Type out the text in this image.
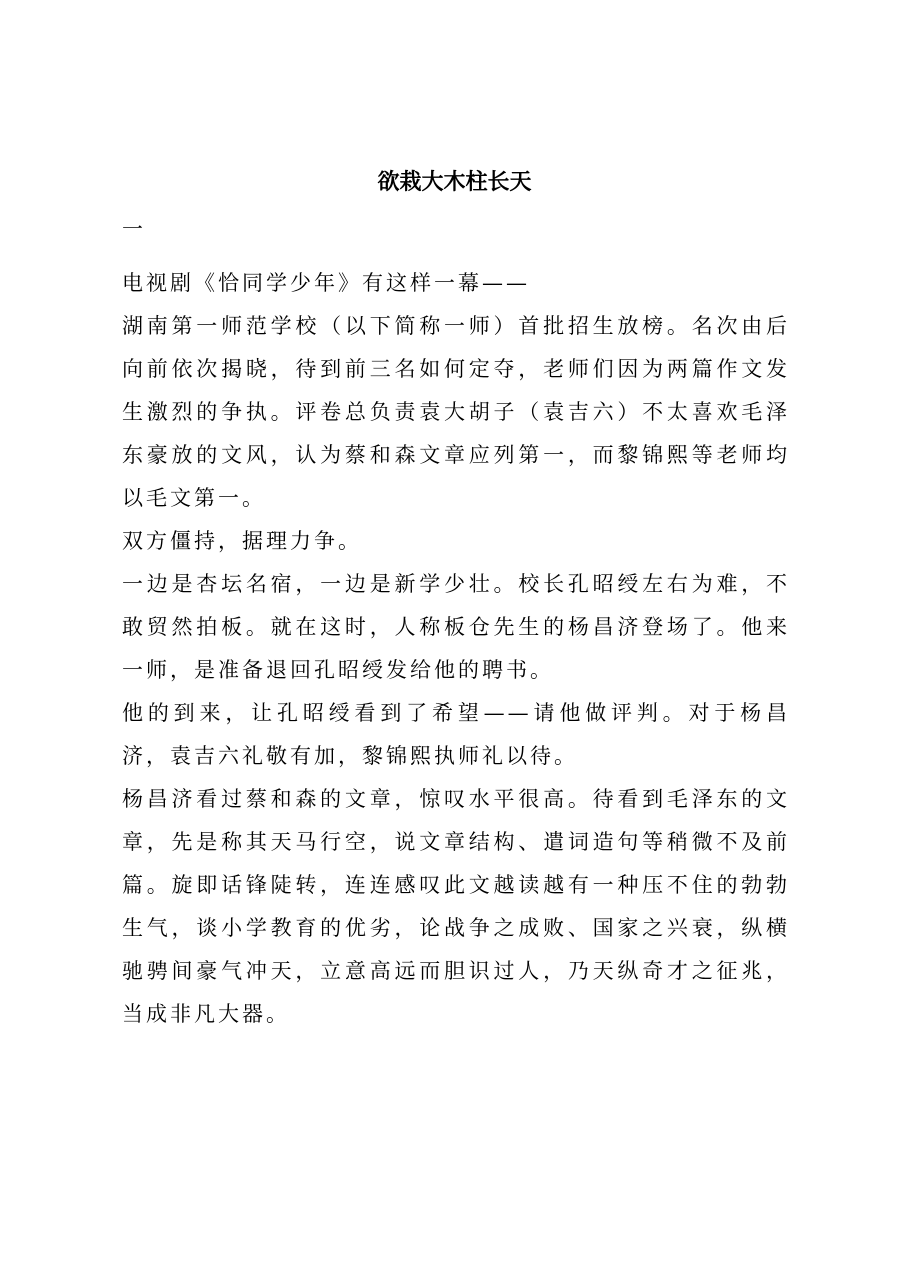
欲栽大木柱长天
一

电视剧《恰同学少年》有这样一幕——

湖南第一师范学校（以下简称一师）首批招生放榜。名次由后向前依次揭晓，待到前三名如何定夺，老师们因为两篇作文发生激烈的争执。评卷总负责袁大胡子（袁吉六）不太喜欢毛泽东豪放的文风，认为蔡和森文章应列第一，而黎锦熙等老师均以毛文第一。

双方僵持，据理力争。

一边是杏坛名宿，一边是新学少壮。校长孔昭绶左右为难，不敢贸然拍板。就在这时，人称板仓先生的杨昌济登场了。他来一师，是准备退回孔昭绶发给他的聘书。

他的到来，让孔昭绶看到了希望——请他做评判。对于杨昌济，袁吉六礼敬有加，黎锦熙执师礼以待。

杨昌济看过蔡和森的文章，惊叹水平很高。待看到毛泽东的文章，先是称其天马行空，说文章结构、遣词造句等稍微不及前篇。旋即话锋陡转，连连感叹此文越读越有一种压不住的勃勃生气，谈小学教育的优劣，论战争之成败、国家之兴衰，纵横驰骋间豪气冲天，立意高远而胆识过人，乃天纵奇才之征兆，当成非凡大器。
